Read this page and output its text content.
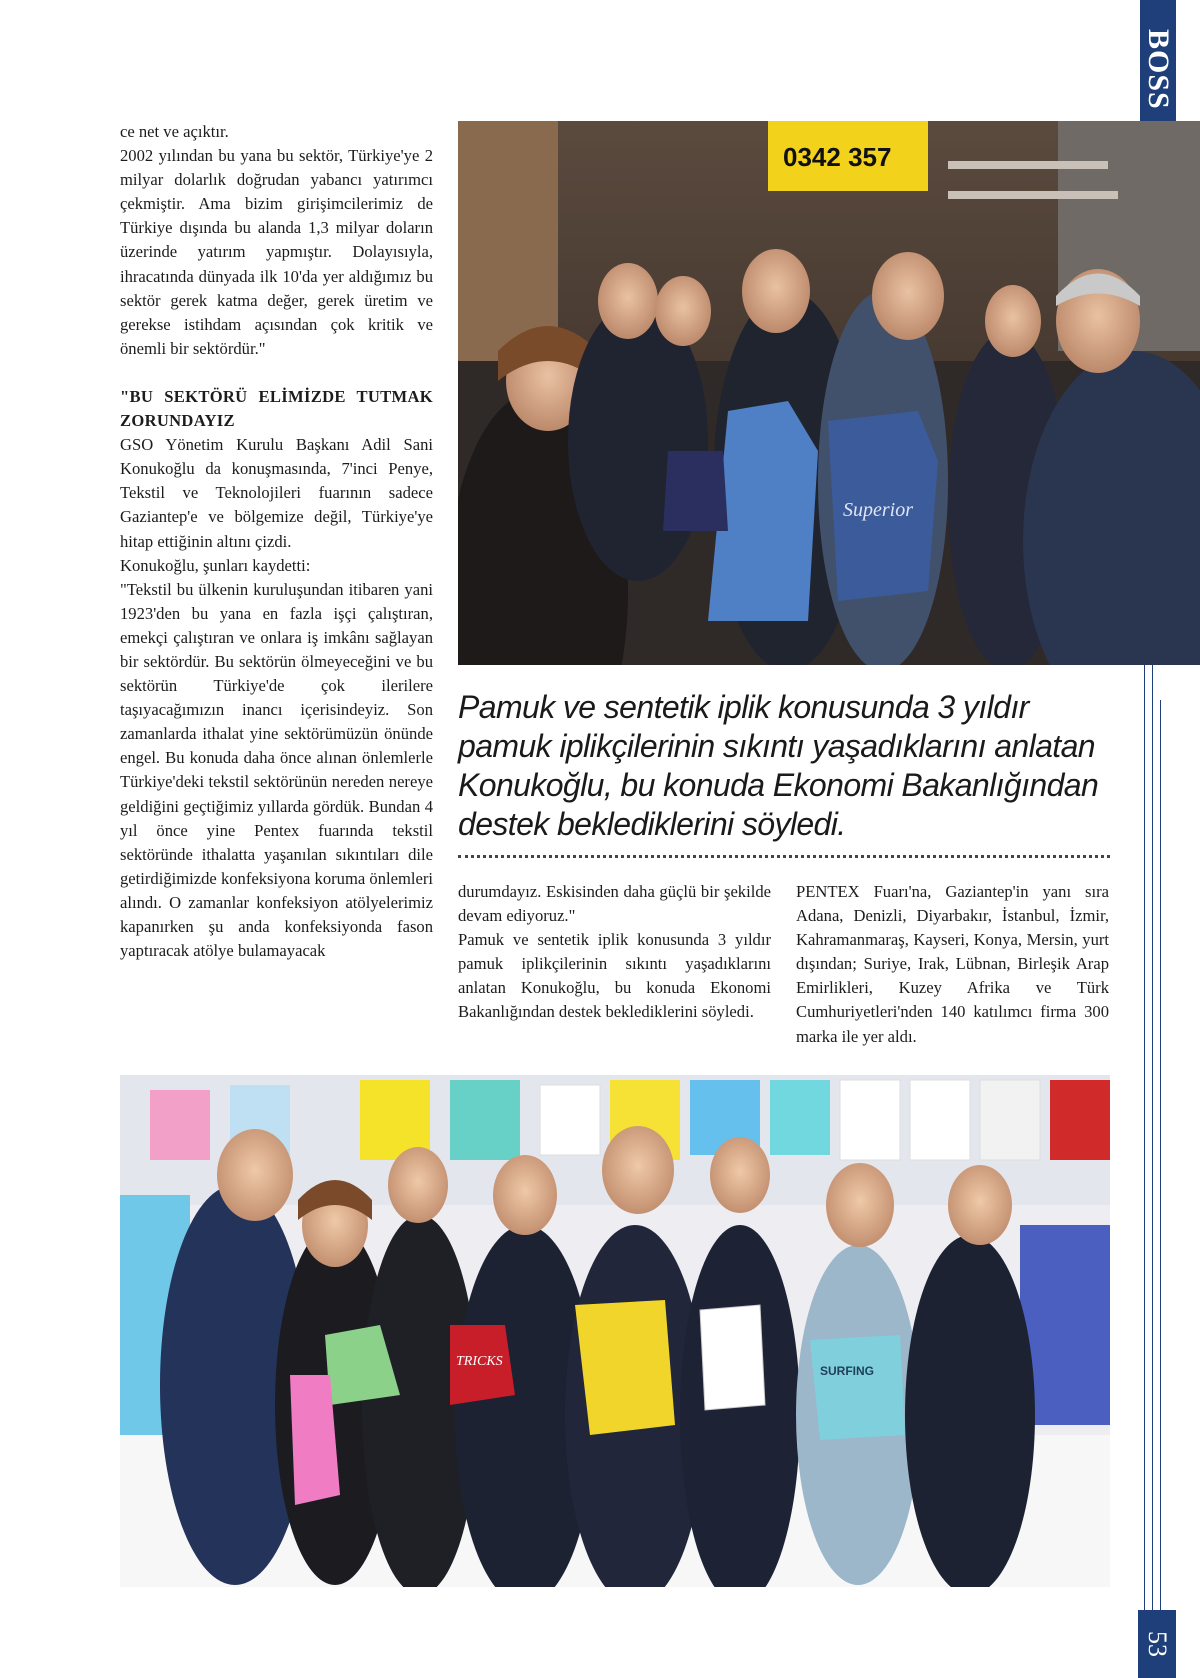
BOSS
53

ce net ve açıktır.

2002 yılından bu yana bu sektör, Türkiye'ye 2 milyar dolarlık doğrudan yabancı yatırımcı çekmiştir. Ama bizim girişimcilerimiz de Türkiye dışında bu alanda 1,3 milyar doların üzerinde yatırım yapmıştır. Dolayısıyla, ihracatında dünyada ilk 10'da yer aldığımız bu sektör gerek katma değer, gerek üretim ve gerekse istihdam açısından çok kritik ve önemli bir sektördür."

"BU SEKTÖRÜ ELİMİZDE TUTMAK ZORUNDAYIZ

GSO Yönetim Kurulu Başkanı Adil Sani Konukoğlu da konuşmasında, 7'inci Penye, Tekstil ve Teknolojileri fuarının sadece Gaziantep'e ve bölgemize değil, Türkiye'ye hitap ettiğinin altını çizdi.

Konukoğlu, şunları kaydetti:

"Tekstil bu ülkenin kuruluşundan itibaren yani 1923'den bu yana en fazla işçi çalıştıran, emekçi çalıştıran ve onlara iş imkânı sağlayan bir sektördür. Bu sektörün ölmeyeceğini ve bu sektörün Türkiye'de çok ilerilere taşıyacağımızın inancı içerisindeyiz. Son zamanlarda ithalat yine sektörümüzün önünde engel. Bu konuda daha önce alınan önlemlerle Türkiye'deki tekstil sektörünün nereden nereye geldiğini geçtiğimiz yıllarda gördük. Bundan 4 yıl önce yine Pentex fuarında tekstil sektöründe ithalatta yaşanılan sıkıntıları dile getirdiğimizde konfeksiyona koruma önlemleri alındı. O zamanlar konfeksiyon atölyelerimiz kapanırken şu anda konfeksiyonda fason yaptıracak atölye bulamayacak

0342 357
Superior
Pamuk ve sentetik iplik konusunda 3 yıldır pamuk iplikçilerinin sıkıntı yaşadıklarını anlatan Konukoğlu, bu konuda Ekonomi Bakanlığından destek beklediklerini söyledi.

durumdayız. Eskisinden daha güçlü bir şekilde devam ediyoruz."

Pamuk ve sentetik iplik konusunda 3 yıldır pamuk iplikçilerinin sıkıntı yaşadıklarını anlatan Konukoğlu, bu konuda Ekonomi Bakanlığından destek beklediklerini söyledi.

PENTEX Fuarı'na, Gaziantep'in yanı sıra Adana, Denizli, Diyarbakır, İstanbul, İzmir, Kahramanmaraş, Kayseri, Konya, Mersin, yurt dışından; Suriye, Irak, Lübnan, Birleşik Arap Emirlikleri, Kuzey Afrika ve Türk Cumhuriyetleri'nden 140 katılımcı firma 300 marka ile yer aldı.

TRICKS
SURFING
